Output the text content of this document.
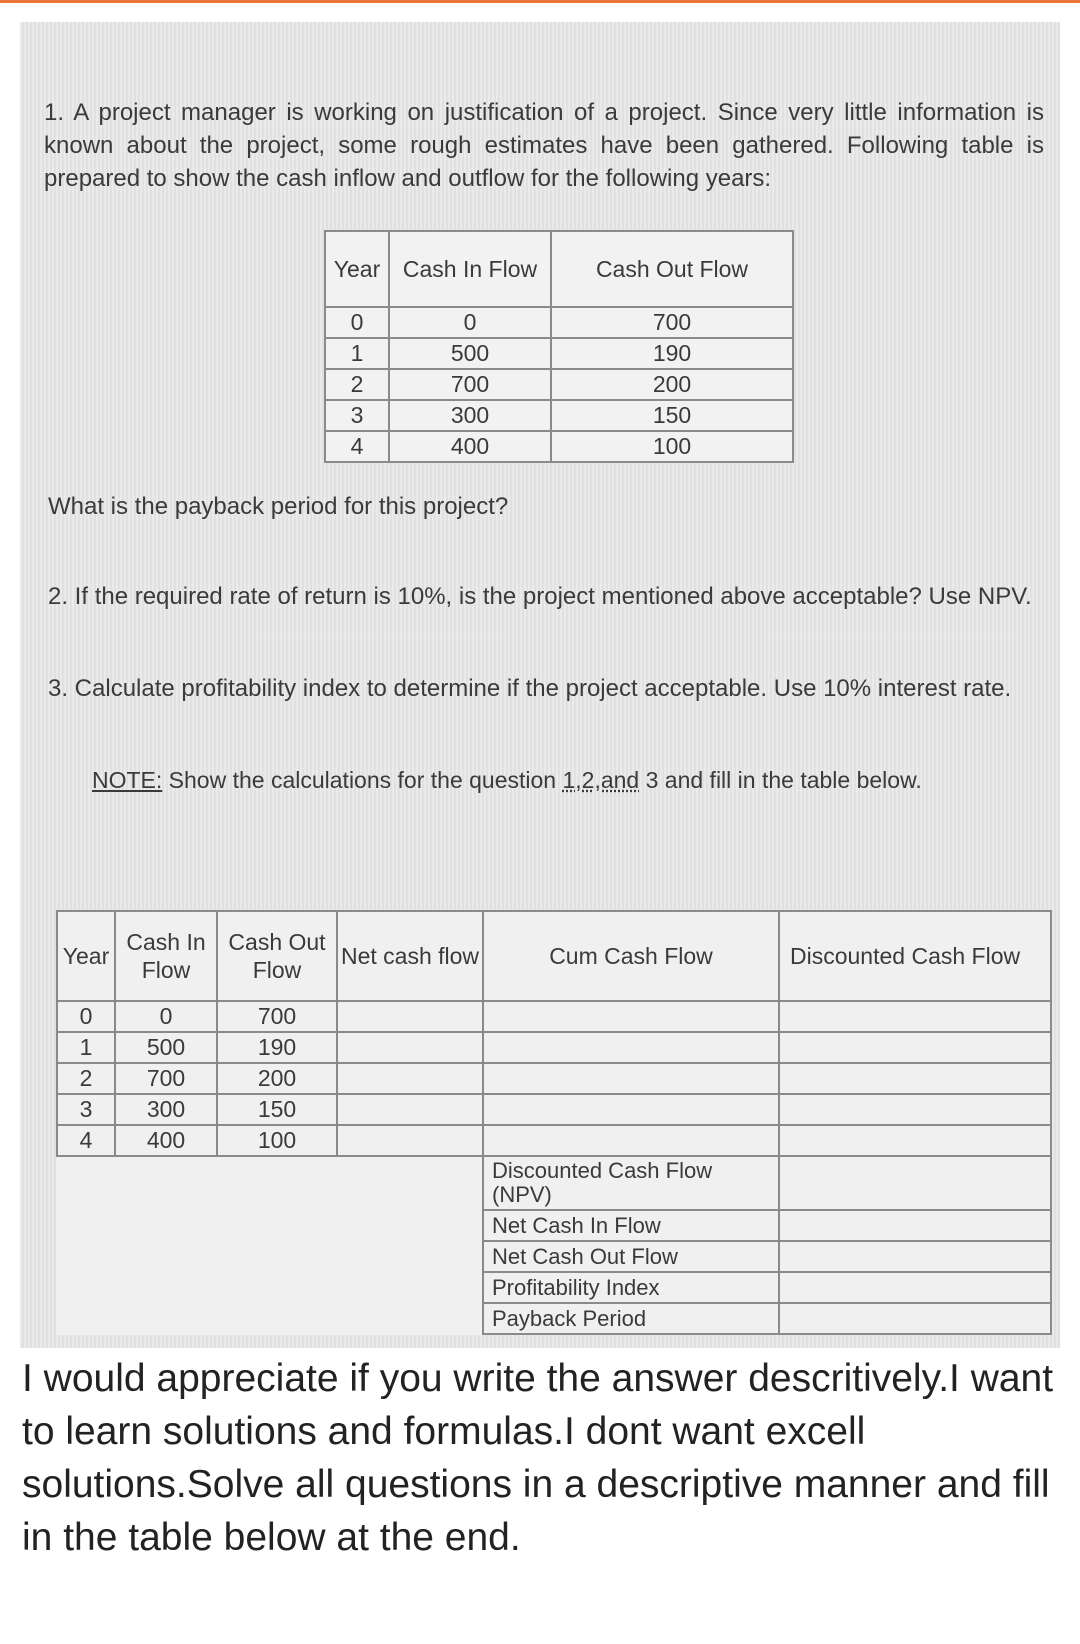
1. A project manager is working on justification of a project. Since very little information is known about the project, some rough estimates have been gathered. Following table is prepared to show the cash inflow and outflow for the following years:

Year	Cash In Flow	Cash Out Flow
0	0	700
1	500	190
2	700	200
3	300	150
4	400	100

What is the payback period for this project?

2. If the required rate of return is 10%, is the project mentioned above acceptable? Use NPV.

3. Calculate profitability index to determine if the project acceptable. Use 10% interest rate.

NOTE: Show the calculations for the question 1,2,and 3 and fill in the table below.

Year	Cash In Flow	Cash Out Flow	Net cash flow	Cum Cash Flow	Discounted Cash Flow
0	0	700			
1	500	190			
2	700	200			
3	300	150			
4	400	100			
				Discounted Cash Flow (NPV)	
				Net Cash In Flow	
				Net Cash Out Flow	
				Profitability Index	
				Payback Period	

I would appreciate if you write the answer descritively.I want to learn solutions and formulas.I dont want excell solutions.Solve all questions in a descriptive manner and fill in the table below at the end.
